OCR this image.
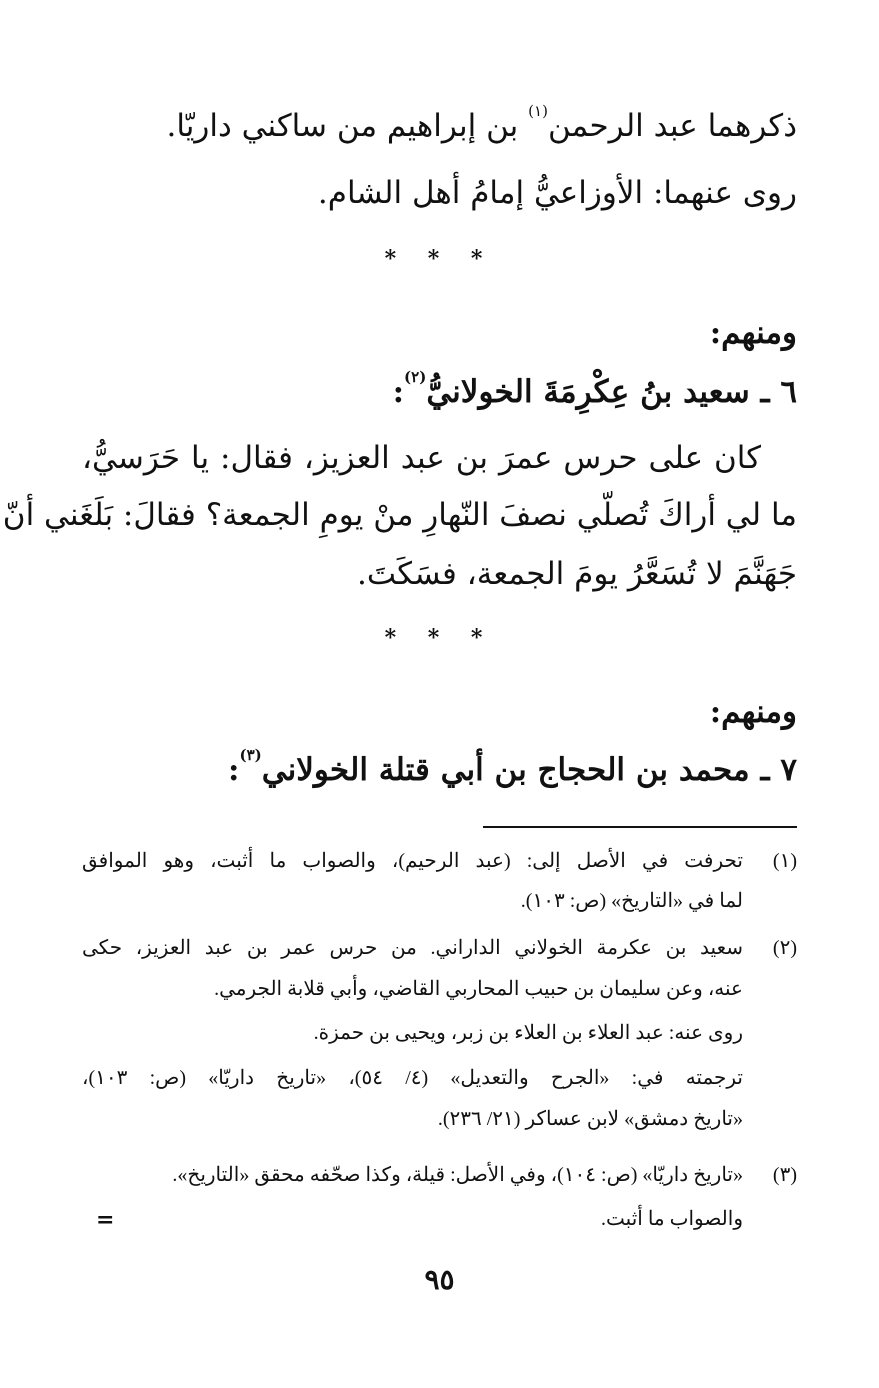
ذكرهما عبد الرحمن$^{(١)}$ بن إبراهيم من ساكني داريّا.
روى عنهما: الأوزاعيُّ إمامُ أهل الشام.
* * *
ومنهم:
٦ ـ سعيد بنُ عِكْرِمَةَ الخولانيُّ$^{(٢)}$:
كان على حرس عمرَ بن عبد العزيز، فقال: يا حَرَسيُّ،
ما لي أراكَ تُصلّي نصفَ النّهارِ منْ يومِ الجمعة؟ فقالَ: بَلَغَني أنّ
جَهَنَّمَ لا تُسَعَّرُ يومَ الجمعة، فسَكَتَ.
* * *
ومنهم:
٧ ـ محمد بن الحجاج بن أبي قتلة الخولاني$^{(٣)}$:
(١)
تحرفت في الأصل إلى: (عبد الرحيم)، والصواب ما أثبت، وهو الموافق
لما في «التاريخ» (ص: ١٠٣).
(٢)
سعيد بن عكرمة الخولاني الداراني. من حرس عمر بن عبد العزيز، حكى
عنه، وعن سليمان بن حبيب المحاربي القاضي، وأبي قلابة الجرمي.
روى عنه: عبد العلاء بن العلاء بن زبر، ويحيى بن حمزة.
ترجمته في: «الجرح والتعديل» (٤/ ٥٤)، «تاريخ داريّا» (ص: ١٠٣)،
«تاريخ دمشق» لابن عساكر (٢١/ ٢٣٦).
(٣)
«تاريخ داريّا» (ص: ١٠٤)، وفي الأصل: قيلة، وكذا صحّفه محقق «التاريخ».
والصواب ما أثبت.
=
٩٥
